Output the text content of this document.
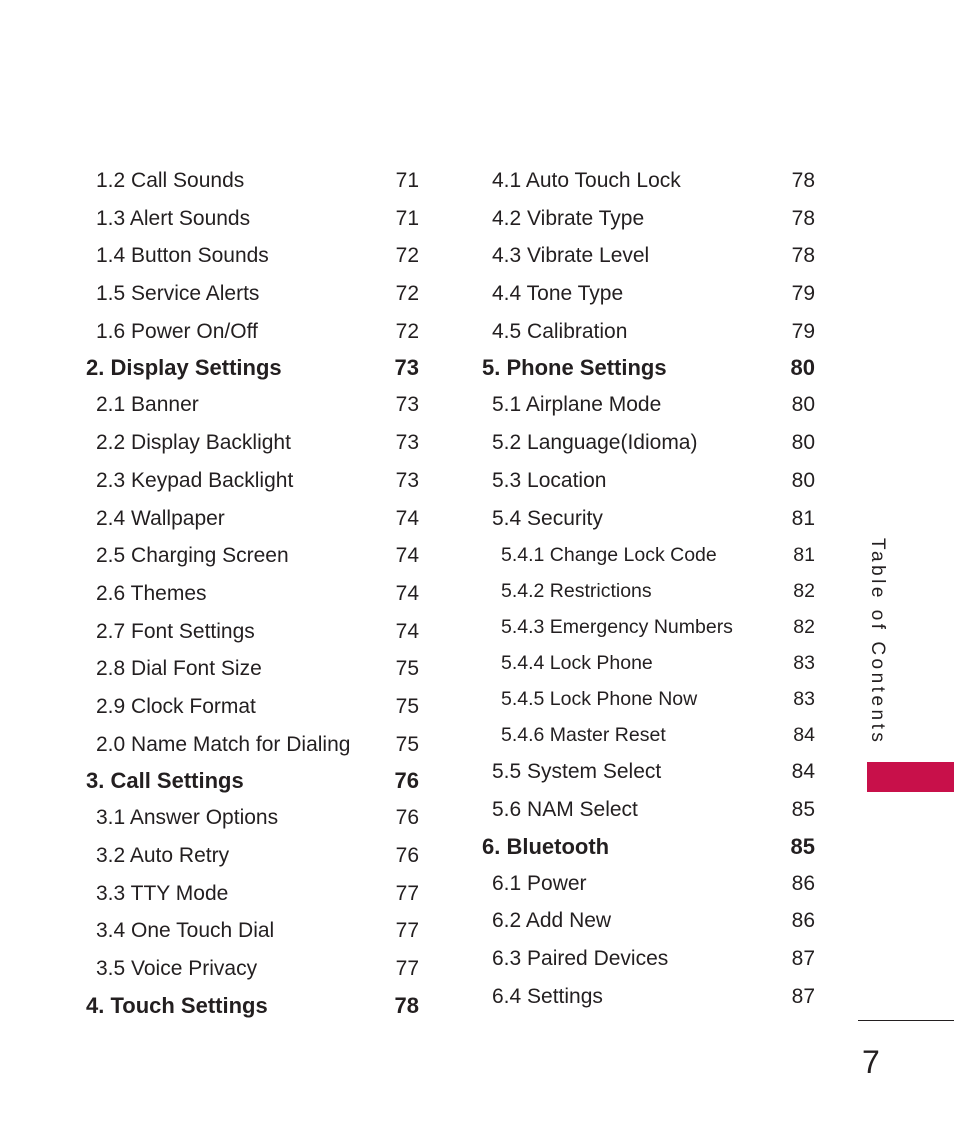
1.2 Call Sounds	71
1.3 Alert Sounds	71
1.4 Button Sounds	72
1.5 Service Alerts	72
1.6 Power On/Off	72
2. Display Settings	73
2.1 Banner	73
2.2 Display Backlight	73
2.3 Keypad Backlight	73
2.4 Wallpaper	74
2.5 Charging Screen	74
2.6 Themes	74
2.7 Font Settings	74
2.8 Dial Font Size	75
2.9 Clock Format	75
2.0 Name Match for Dialing 75
3. Call Settings	76
3.1 Answer Options	76
3.2 Auto Retry	76
3.3 TTY Mode	77
3.4 One Touch Dial	77
3.5 Voice Privacy	77
4. Touch Settings	78
4.1 Auto Touch Lock	78
4.2 Vibrate Type	78
4.3 Vibrate Level	78
4.4 Tone Type	79
4.5 Calibration	79
5. Phone Settings	80
5.1 Airplane Mode	80
5.2 Language(Idioma)	80
5.3 Location	80
5.4 Security	81
5.4.1 Change Lock Code	81
5.4.2 Restrictions	82
5.4.3 Emergency Numbers	82
5.4.4 Lock Phone	83
5.4.5 Lock Phone Now	83
5.4.6 Master Reset	84
5.5 System Select	84
5.6 NAM Select	85
6. Bluetooth	85
6.1 Power	86
6.2 Add New	86
6.3 Paired Devices	87
6.4 Settings	87
Table of Contents
7
